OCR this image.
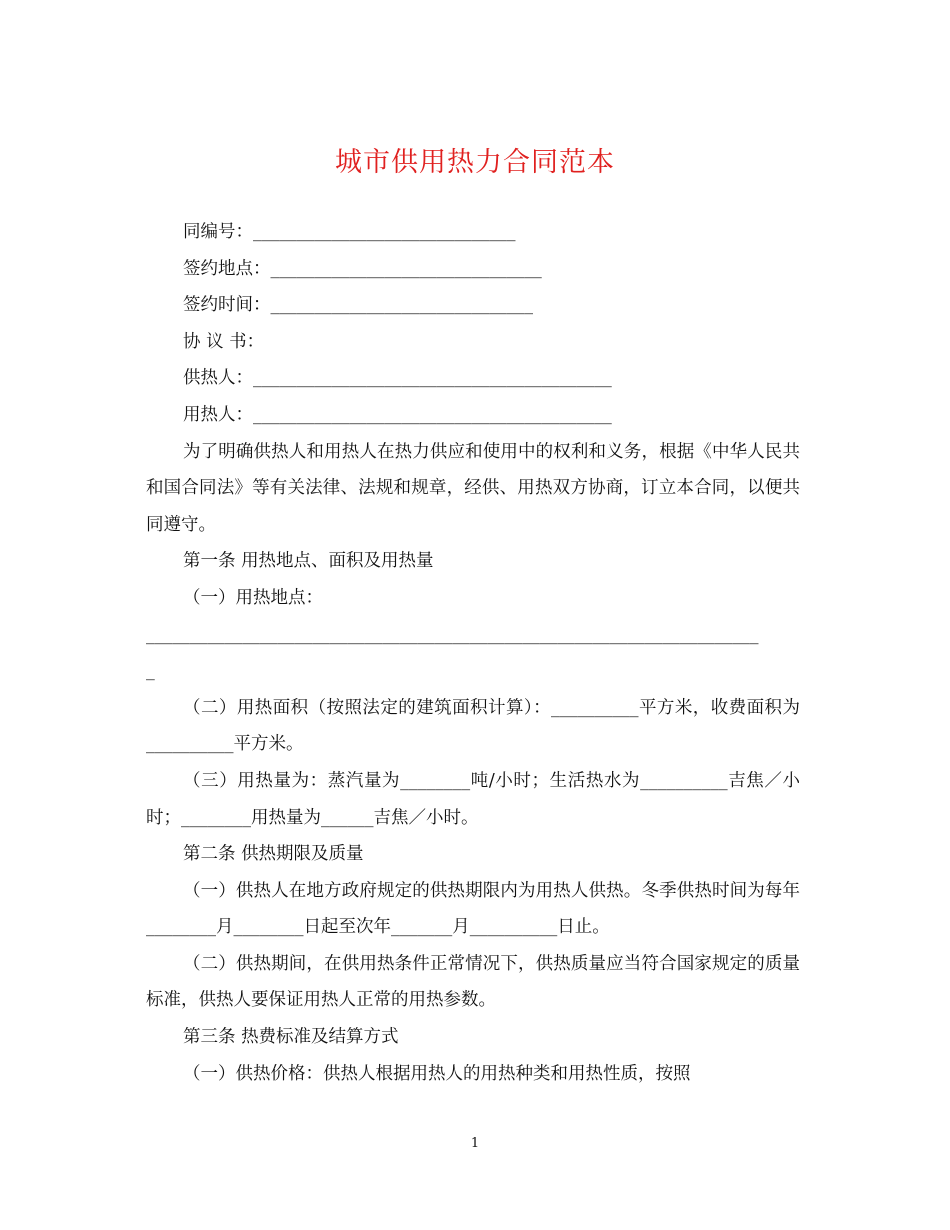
城市供用热力合同范本

同编号：______________________________

签约地点：_______________________________

签约时间：______________________________

协 议 书：

供热人：_________________________________________

用热人：_________________________________________

为了明确供热人和用热人在热力供应和使用中的权利和义务，根据《中华人民共和国合同法》等有关法律、法规和规章，经供、用热双方协商，订立本合同，以便共同遵守。

第一条 用热地点、面积及用热量

（一）用热地点：

______________________________________________________________________

_

（二）用热面积（按照法定的建筑面积计算）：__________平方米，收费面积为__________平方米。

（三）用热量为：蒸汽量为________吨/小时；生活热水为__________吉焦／小时；________用热量为______吉焦／小时。

第二条 供热期限及质量

（一）供热人在地方政府规定的供热期限内为用热人供热。冬季供热时间为每年________月________日起至次年_______月__________日止。

（二）供热期间，在供用热条件正常情况下，供热质量应当符合国家规定的质量标准，供热人要保证用热人正常的用热参数。

第三条 热费标准及结算方式

（一）供热价格：供热人根据用热人的用热种类和用热性质，按照

1
